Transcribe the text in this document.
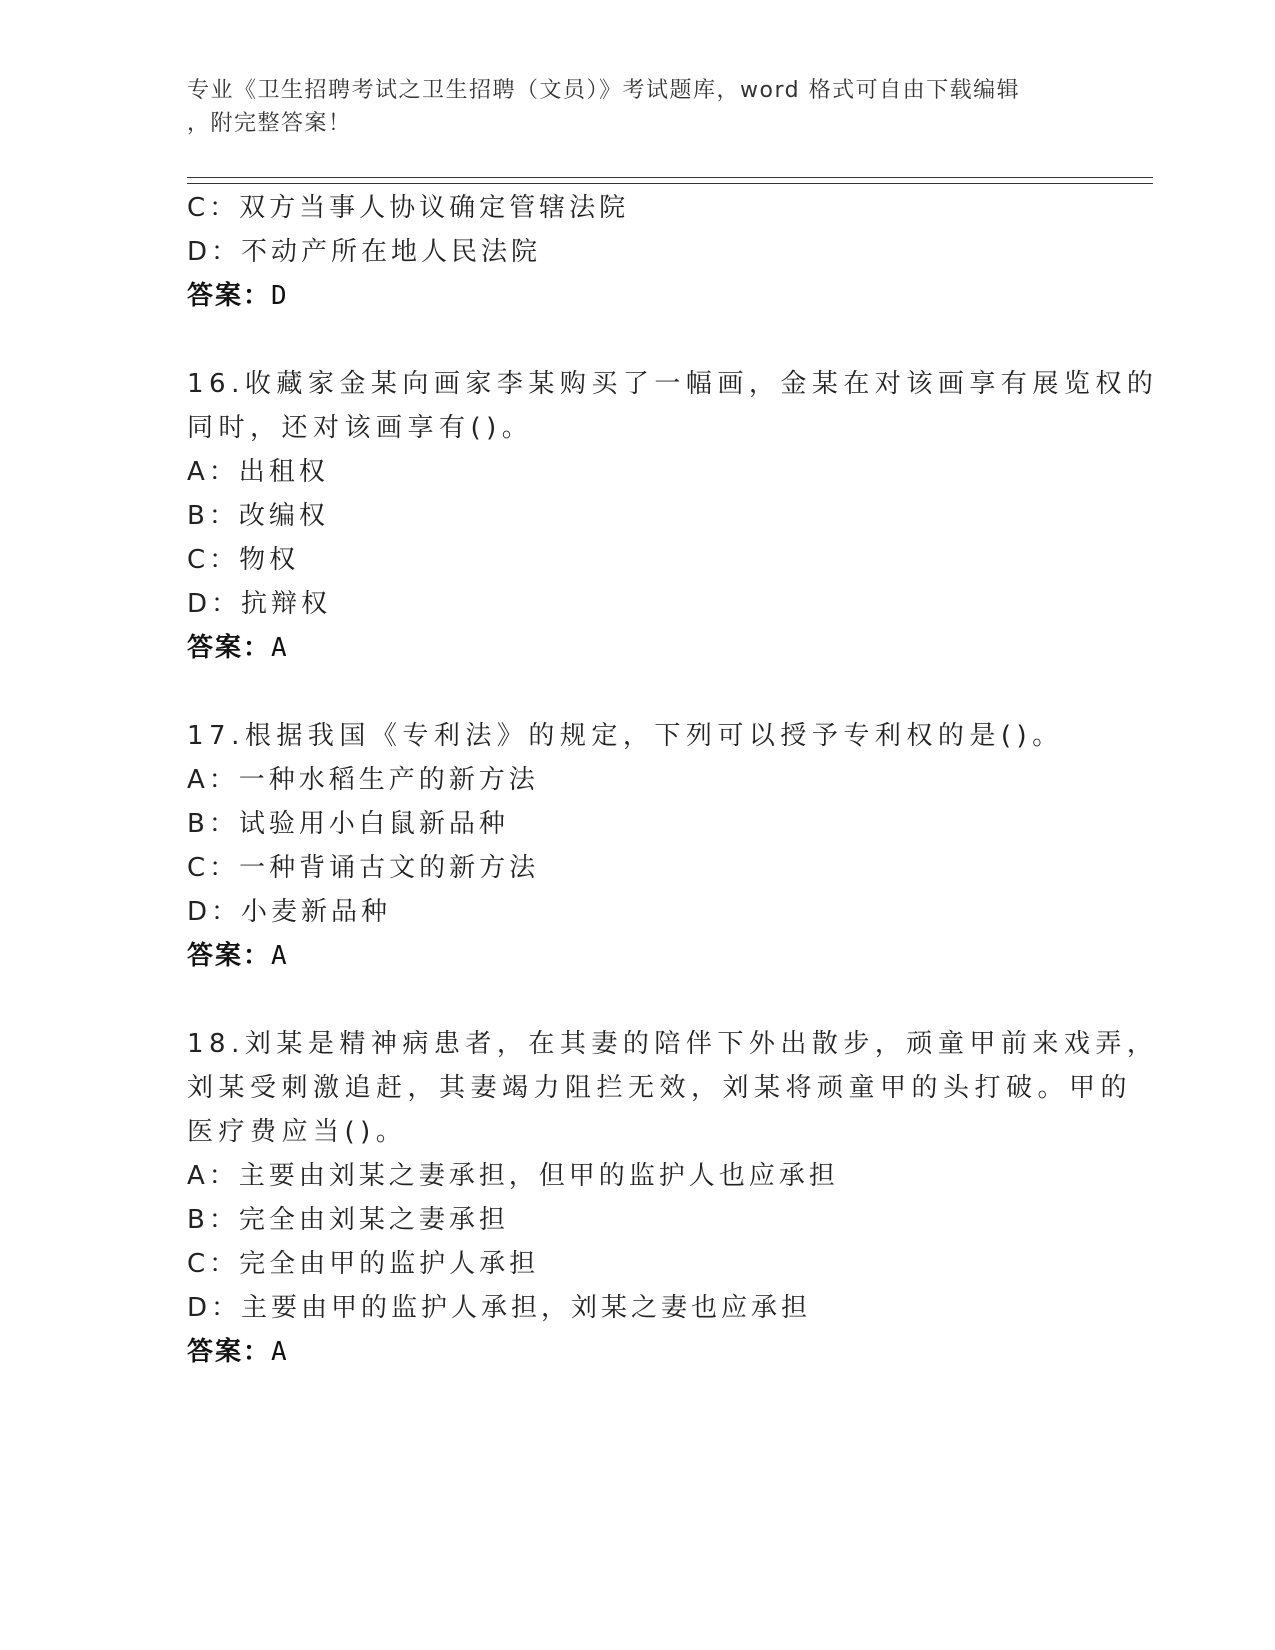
专业《卫生招聘考试之卫生招聘（文员）》考试题库，word 格式可自由下载编辑
，附完整答案！
C：双方当事人协议确定管辖法院
D：不动产所在地人民法院
答案：D
16.收藏家金某向画家李某购买了一幅画，金某在对该画享有展览权的
同时，还对该画享有()。
A：出租权
B：改编权
C：物权
D：抗辩权
答案：A
17.根据我国《专利法》的规定，下列可以授予专利权的是()。
A：一种水稻生产的新方法
B：试验用小白鼠新品种
C：一种背诵古文的新方法
D：小麦新品种
答案：A
18.刘某是精神病患者，在其妻的陪伴下外出散步，顽童甲前来戏弄，
刘某受刺激追赶，其妻竭力阻拦无效，刘某将顽童甲的头打破。甲的
医疗费应当()。
A：主要由刘某之妻承担，但甲的监护人也应承担
B：完全由刘某之妻承担
C：完全由甲的监护人承担
D：主要由甲的监护人承担，刘某之妻也应承担
答案：A
